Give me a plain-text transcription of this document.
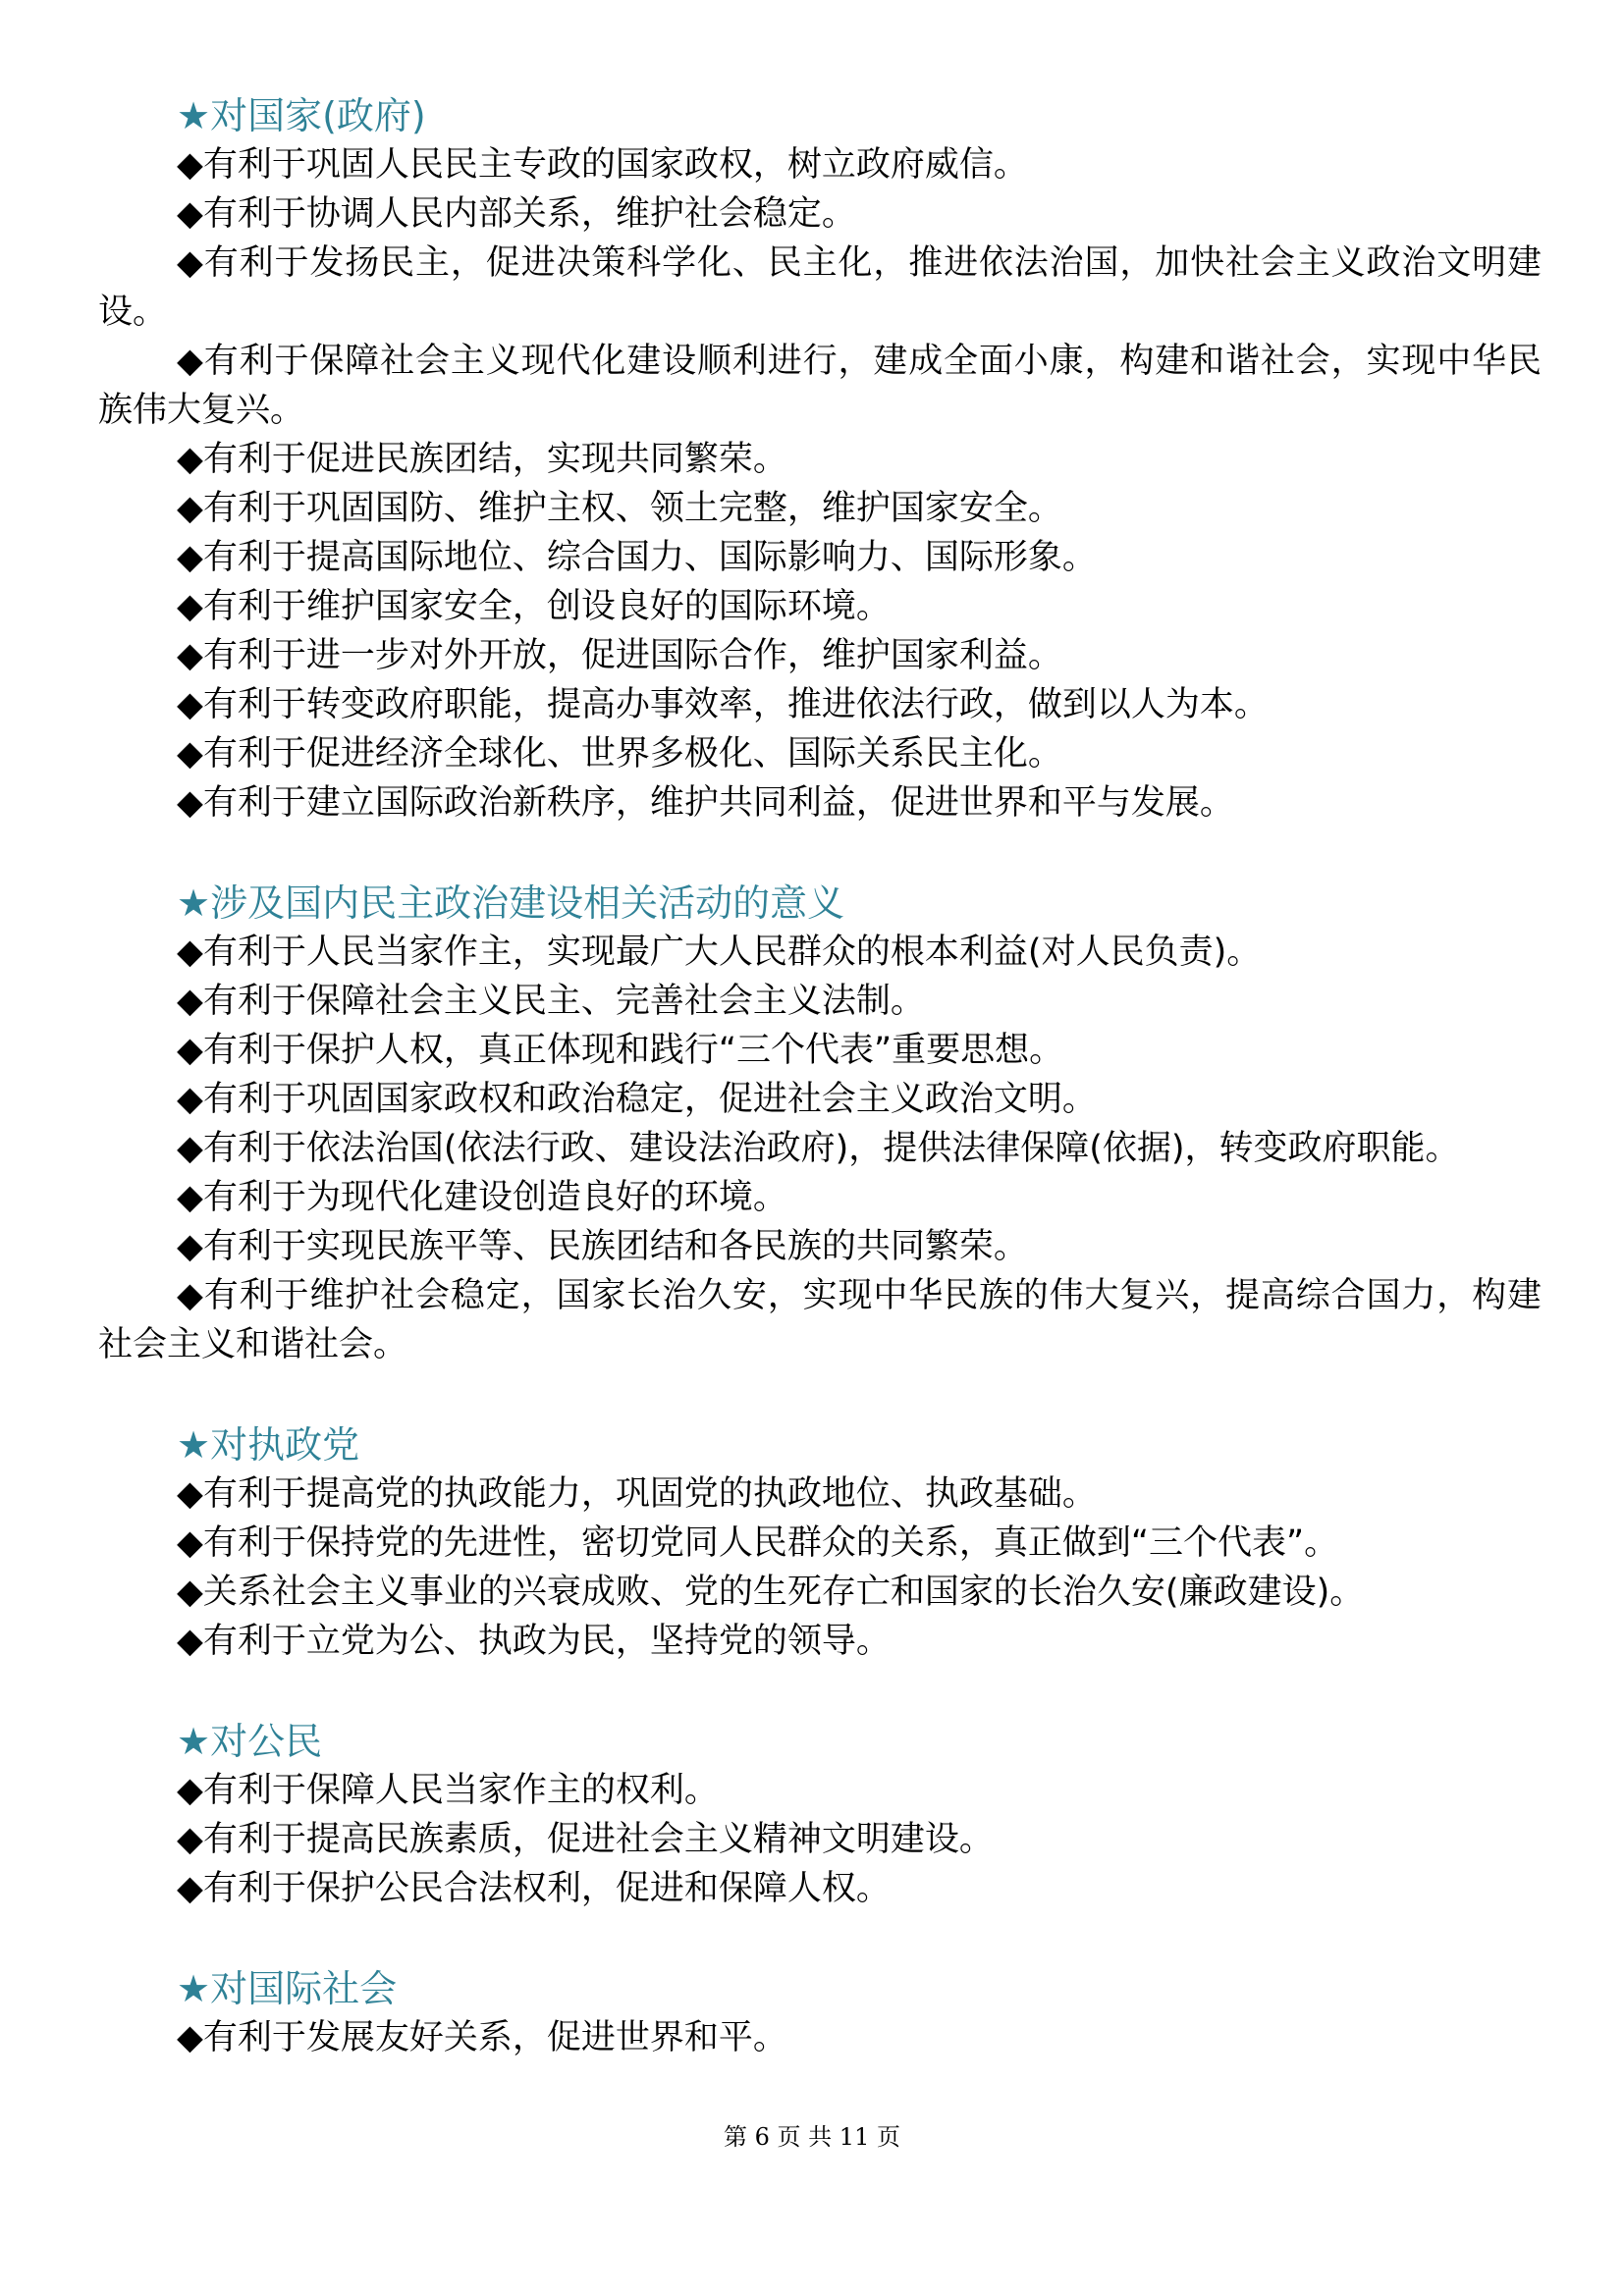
★对国家(政府)
◆有利于巩固人民民主专政的国家政权，树立政府威信。
◆有利于协调人民内部关系，维护社会稳定。
◆有利于发扬民主，促进决策科学化、民主化，推进依法治国，加快社会主义政治文明建设。
◆有利于保障社会主义现代化建设顺利进行，建成全面小康，构建和谐社会，实现中华民族伟大复兴。
◆有利于促进民族团结，实现共同繁荣。
◆有利于巩固国防、维护主权、领土完整，维护国家安全。
◆有利于提高国际地位、综合国力、国际影响力、国际形象。
◆有利于维护国家安全，创设良好的国际环境。
◆有利于进一步对外开放，促进国际合作，维护国家利益。
◆有利于转变政府职能，提高办事效率，推进依法行政，做到以人为本。
◆有利于促进经济全球化、世界多极化、国际关系民主化。
◆有利于建立国际政治新秩序，维护共同利益，促进世界和平与发展。
★涉及国内民主政治建设相关活动的意义
◆有利于人民当家作主，实现最广大人民群众的根本利益(对人民负责)。
◆有利于保障社会主义民主、完善社会主义法制。
◆有利于保护人权，真正体现和践行“三个代表”重要思想。
◆有利于巩固国家政权和政治稳定，促进社会主义政治文明。
◆有利于依法治国(依法行政、建设法治政府)，提供法律保障(依据)，转变政府职能。
◆有利于为现代化建设创造良好的环境。
◆有利于实现民族平等、民族团结和各民族的共同繁荣。
◆有利于维护社会稳定，国家长治久安，实现中华民族的伟大复兴，提高综合国力，构建社会主义和谐社会。
★对执政党
◆有利于提高党的执政能力，巩固党的执政地位、执政基础。
◆有利于保持党的先进性，密切党同人民群众的关系，真正做到“三个代表”。
◆关系社会主义事业的兴衰成败、党的生死存亡和国家的长治久安(廉政建设)。
◆有利于立党为公、执政为民，坚持党的领导。
★对公民
◆有利于保障人民当家作主的权利。
◆有利于提高民族素质，促进社会主义精神文明建设。
◆有利于保护公民合法权利，促进和保障人权。
★对国际社会
◆有利于发展友好关系，促进世界和平。
第 6 页 共 11 页
